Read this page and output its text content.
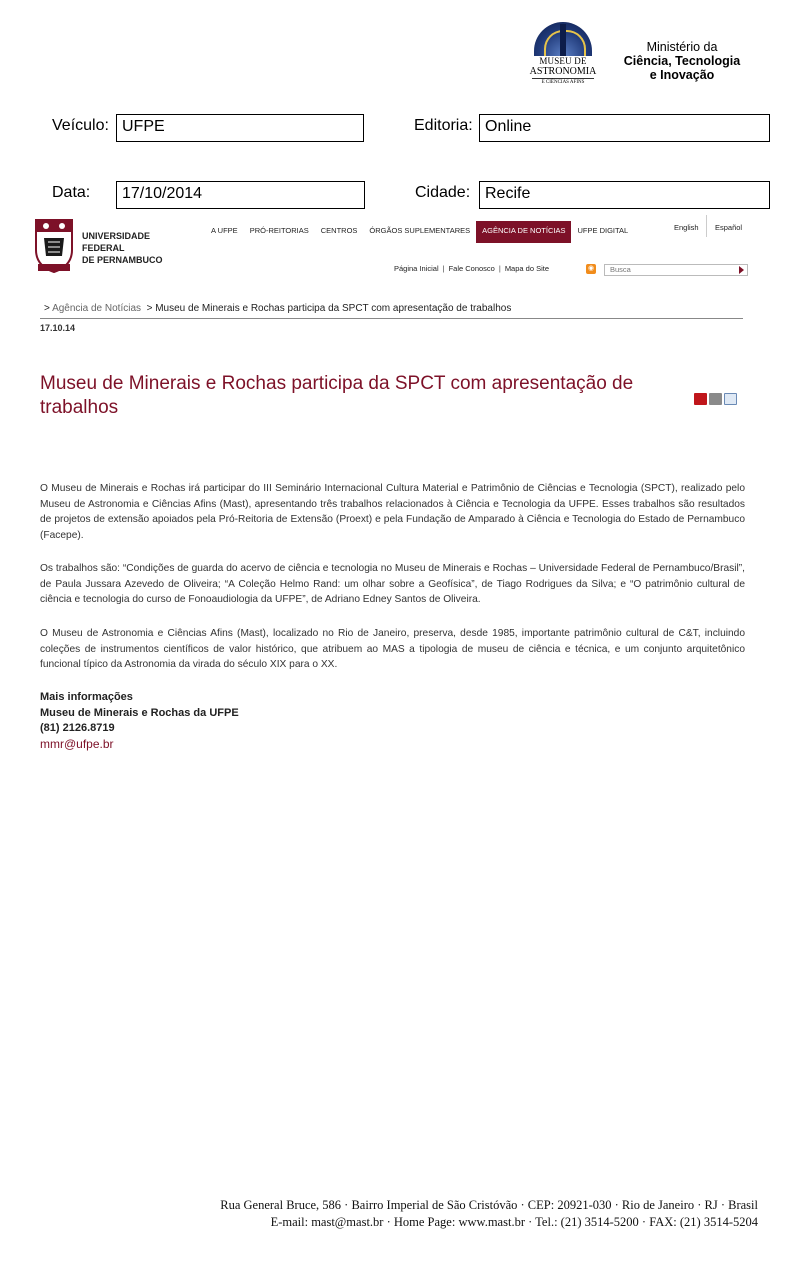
MUSEU DE
ASTRONOMIA
E CIÊNCIAS AFINS
Ministério da
Ciência, Tecnologia
e Inovação
Veículo: UFPE	Editoria: Online
Data:	17/10/2014	Cidade: Recife
UNIVERSIDADE
FEDERAL
DE PERNAMBUCO
A UFPE	PRÓ-REITORIAS	CENTROS	ÓRGÃOS SUPLEMENTARES	AGÊNCIA DE NOTÍCIAS	UFPE DIGITAL	English Español
Página Inicial | Fale Conosco | Mapa do Site	◉	Busca
> Agência de Notícias > Museu de Minerais e Rochas participa da SPCT com apresentação de trabalhos
17.10.14
Museu de Minerais e Rochas participa da SPCT com apresentação de
trabalhos
O Museu de Minerais e Rochas irá participar do III Seminário Internacional Cultura Material e Patrimônio de Ciências e Tecnologia (SPCT), realizado pelo Museu de Astronomia e Ciências Afins (Mast), apresentando três trabalhos relacionados à Ciência e Tecnologia da UFPE. Esses trabalhos são resultados de projetos de extensão apoiados pela Pró-Reitoria de Extensão (Proext) e pela Fundação de Amparado à Ciência e Tecnologia do Estado de Pernambuco (Facepe).
Os trabalhos são: “Condições de guarda do acervo de ciência e tecnologia no Museu de Minerais e Rochas – Universidade Federal de Pernambuco/Brasil”, de Paula Jussara Azevedo de Oliveira; “A Coleção Helmo Rand: um olhar sobre a Geofísica”, de Tiago Rodrigues da Silva; e “O patrimônio cultural de ciência e tecnologia do curso de Fonoaudiologia da UFPE”, de Adriano Edney Santos de Oliveira.
O Museu de Astronomia e Ciências Afins (Mast), localizado no Rio de Janeiro, preserva, desde 1985, importante patrimônio cultural de C&T, incluindo coleções de instrumentos científicos de valor histórico, que atribuem ao MAS a tipologia de museu de ciência e técnica, e um conjunto arquitetônico funcional típico da Astronomia da virada do século XIX para o XX.
Mais informações
Museu de Minerais e Rochas da UFPE
(81) 2126.8719
mmr@ufpe.br
Rua General Bruce, 586 · Bairro Imperial de São Cristóvão · CEP: 20921-030 · Rio de Janeiro · RJ · Brasil
E-mail: mast@mast.br · Home Page: www.mast.br · Tel.: (21) 3514-5200 · FAX: (21) 3514-5204
